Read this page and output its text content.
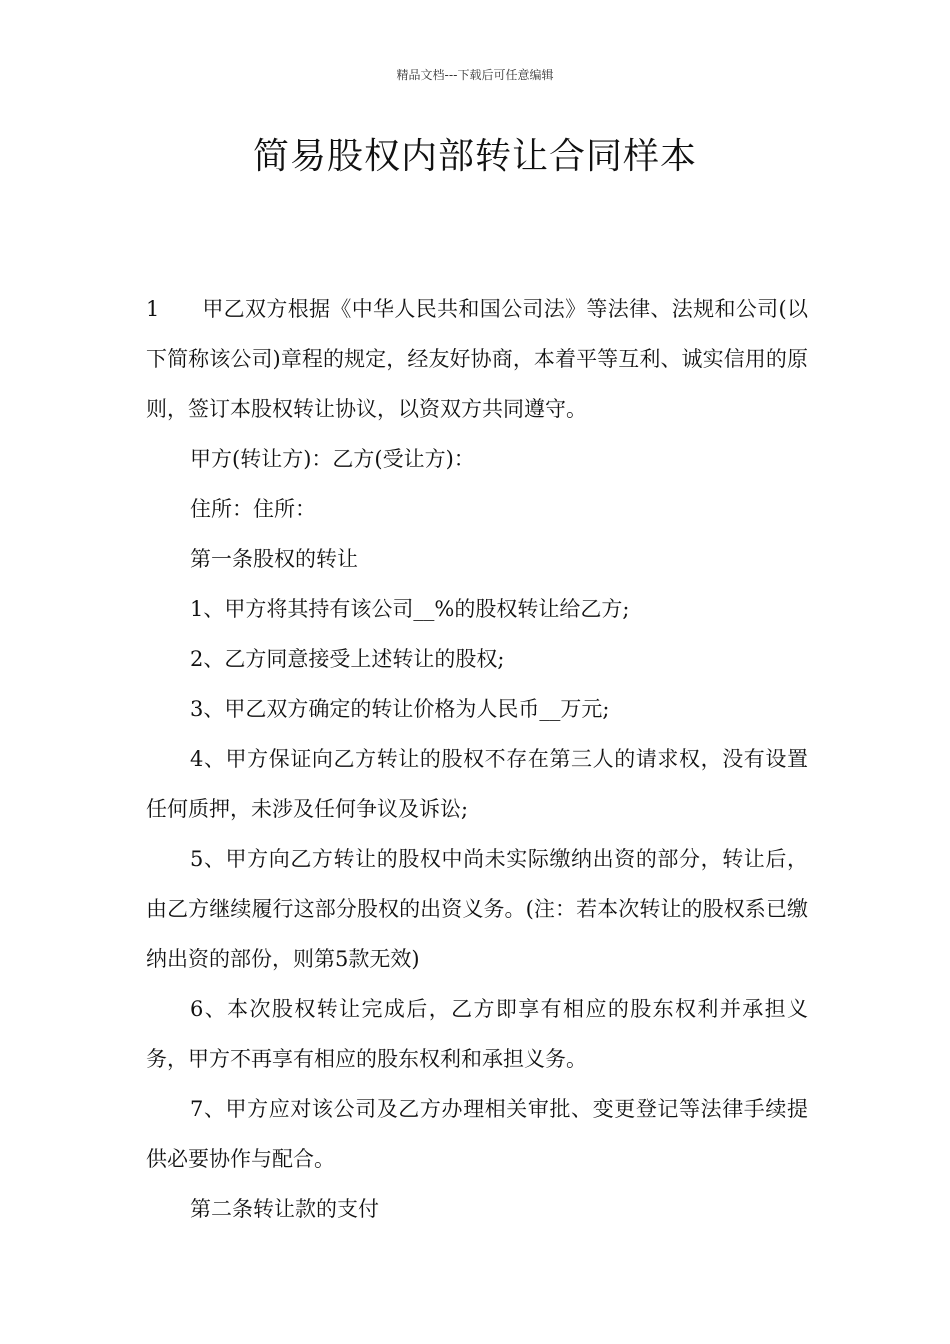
精品文档---下载后可任意编辑
简易股权内部转让合同样本

1 甲乙双方根据《中华人民共和国公司法》等法律、法规和公司(以下简称该公司)章程的规定，经友好协商，本着平等互利、诚实信用的原则，签订本股权转让协议，以资双方共同遵守。

甲方(转让方)：乙方(受让方)：

住所：住所：

第一条股权的转让

1、甲方将其持有该公司__%的股权转让给乙方;

2、乙方同意接受上述转让的股权;

3、甲乙双方确定的转让价格为人民币__万元;

4、甲方保证向乙方转让的股权不存在第三人的请求权，没有设置任何质押，未涉及任何争议及诉讼;

5、甲方向乙方转让的股权中尚未实际缴纳出资的部分，转让后，由乙方继续履行这部分股权的出资义务。(注：若本次转让的股权系已缴纳出资的部份，则第5款无效)

6、本次股权转让完成后，乙方即享有相应的股东权利并承担义务，甲方不再享有相应的股东权利和承担义务。

7、甲方应对该公司及乙方办理相关审批、变更登记等法律手续提供必要协作与配合。

第二条转让款的支付
